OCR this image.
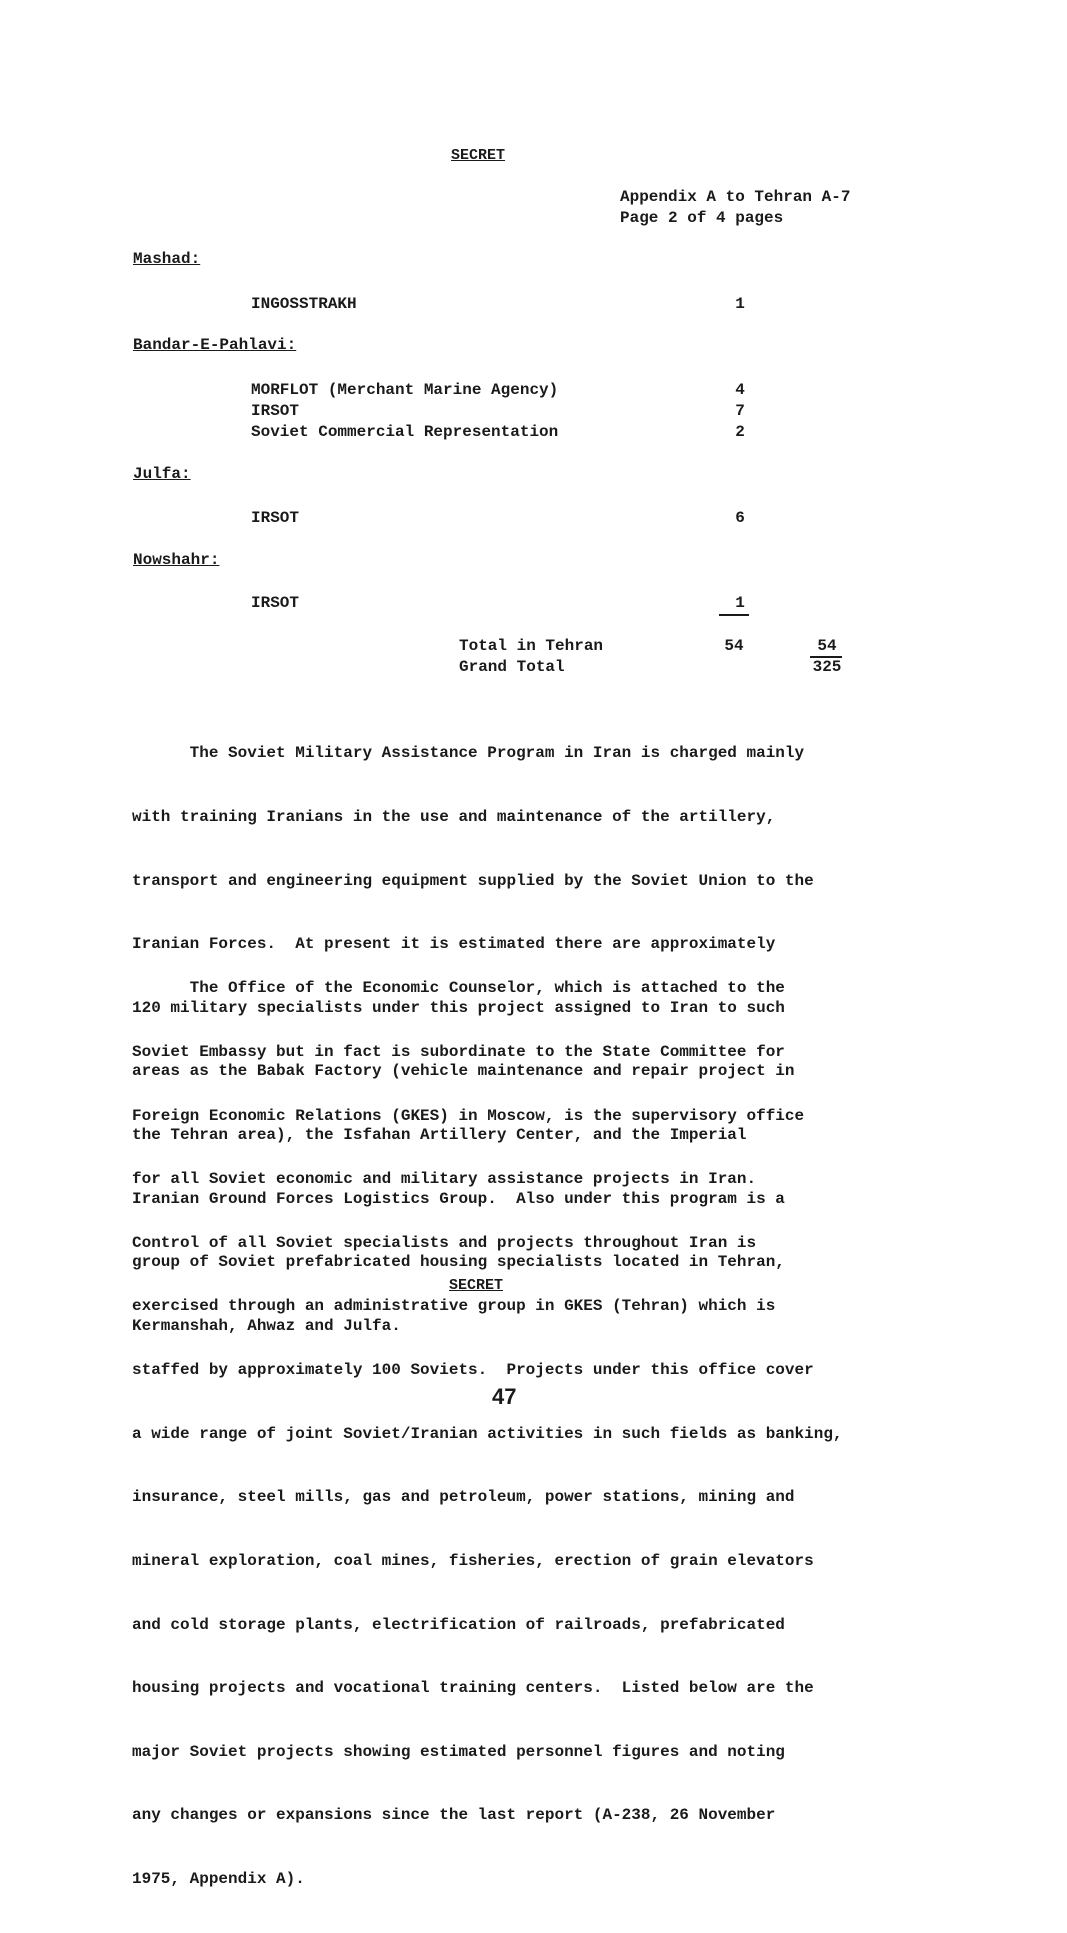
SECRET
Appendix A to Tehran A-7
Page 2 of 4 pages
Mashad:
INGOSSTRAKH	1
Bandar-E-Pahlavi:
MORFLOT (Merchant Marine Agency)	4
IRSOT	7
Soviet Commercial Representation	2
Julfa:
IRSOT	6
Nowshahr:
IRSOT	1
Total in Tehran	54	54
Grand Total	325

The Soviet Military Assistance Program in Iran is charged mainly

with training Iranians in the use and maintenance of the artillery,

transport and engineering equipment supplied by the Soviet Union to the

Iranian Forces.  At present it is estimated there are approximately

120 military specialists under this project assigned to Iran to such

areas as the Babak Factory (vehicle maintenance and repair project in

the Tehran area), the Isfahan Artillery Center, and the Imperial

Iranian Ground Forces Logistics Group.  Also under this program is a

group of Soviet prefabricated housing specialists located in Tehran,

Kermanshah, Ahwaz and Julfa.

The Office of the Economic Counselor, which is attached to the

Soviet Embassy but in fact is subordinate to the State Committee for

Foreign Economic Relations (GKES) in Moscow, is the supervisory office

for all Soviet economic and military assistance projects in Iran.

Control of all Soviet specialists and projects throughout Iran is

exercised through an administrative group in GKES (Tehran) which is

staffed by approximately 100 Soviets.  Projects under this office cover

a wide range of joint Soviet/Iranian activities in such fields as banking,

insurance, steel mills, gas and petroleum, power stations, mining and

mineral exploration, coal mines, fisheries, erection of grain elevators

and cold storage plants, electrification of railroads, prefabricated

housing projects and vocational training centers.  Listed below are the

major Soviet projects showing estimated personnel figures and noting

any changes or expansions since the last report (A-238, 26 November

1975, Appendix A).

SECRET
47
